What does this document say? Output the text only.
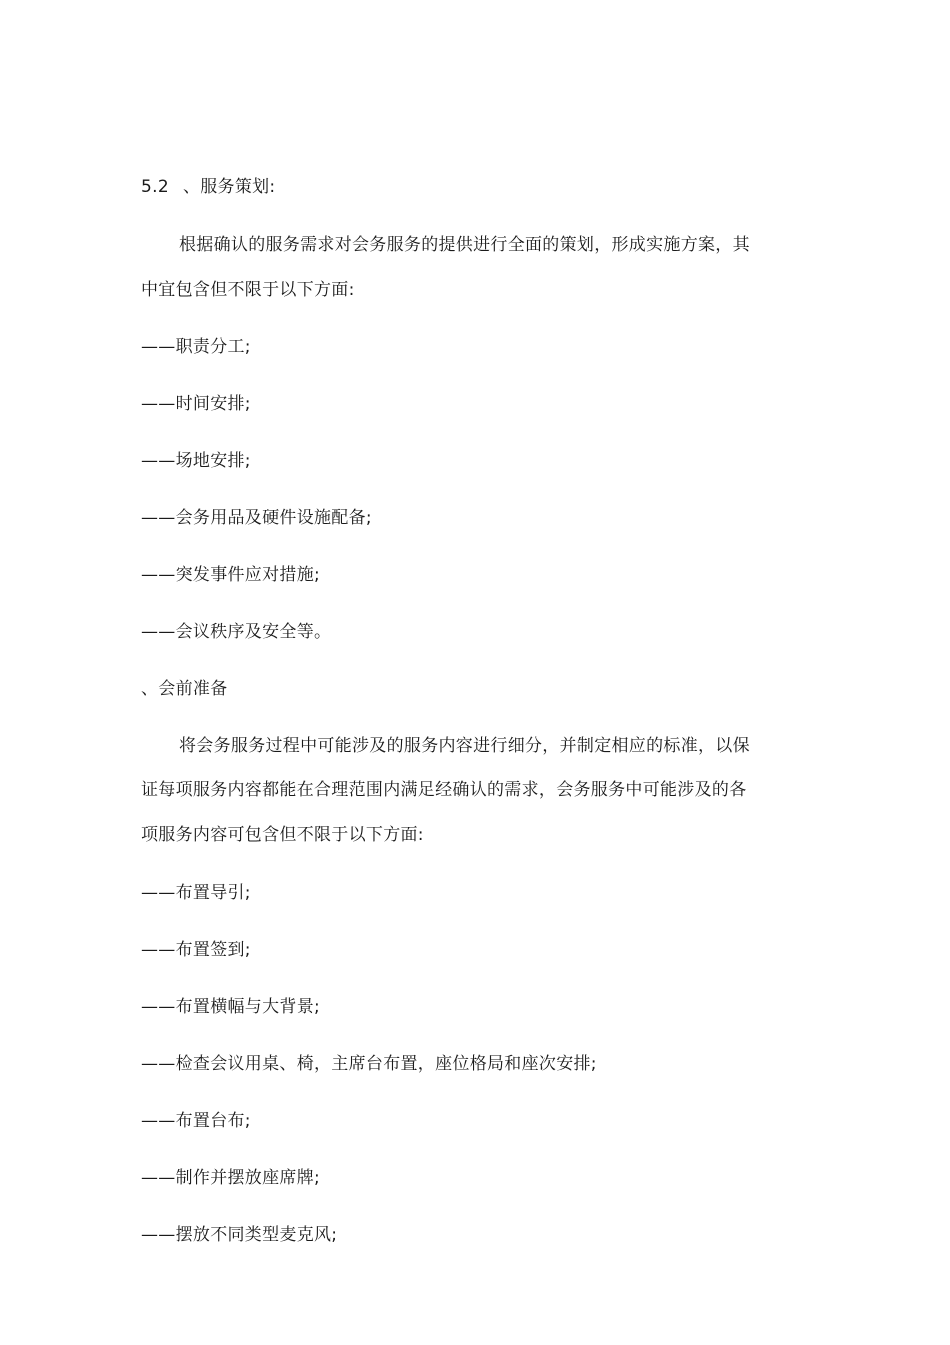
5.2 、服务策划:
根据确认的服务需求对会务服务的提供进行全面的策划，形成实施方案，其
中宜包含但不限于以下方面:
——职责分工;
——时间安排;
——场地安排;
——会务用品及硬件设施配备;
——突发事件应对措施;
——会议秩序及安全等。
、会前准备
将会务服务过程中可能涉及的服务内容进行细分，并制定相应的标准，以保
证每项服务内容都能在合理范围内满足经确认的需求，会务服务中可能涉及的各
项服务内容可包含但不限于以下方面:
——布置导引;
——布置签到;
——布置横幅与大背景;
——检查会议用桌、椅，主席台布置，座位格局和座次安排;
——布置台布;
——制作并摆放座席牌;
——摆放不同类型麦克风;
